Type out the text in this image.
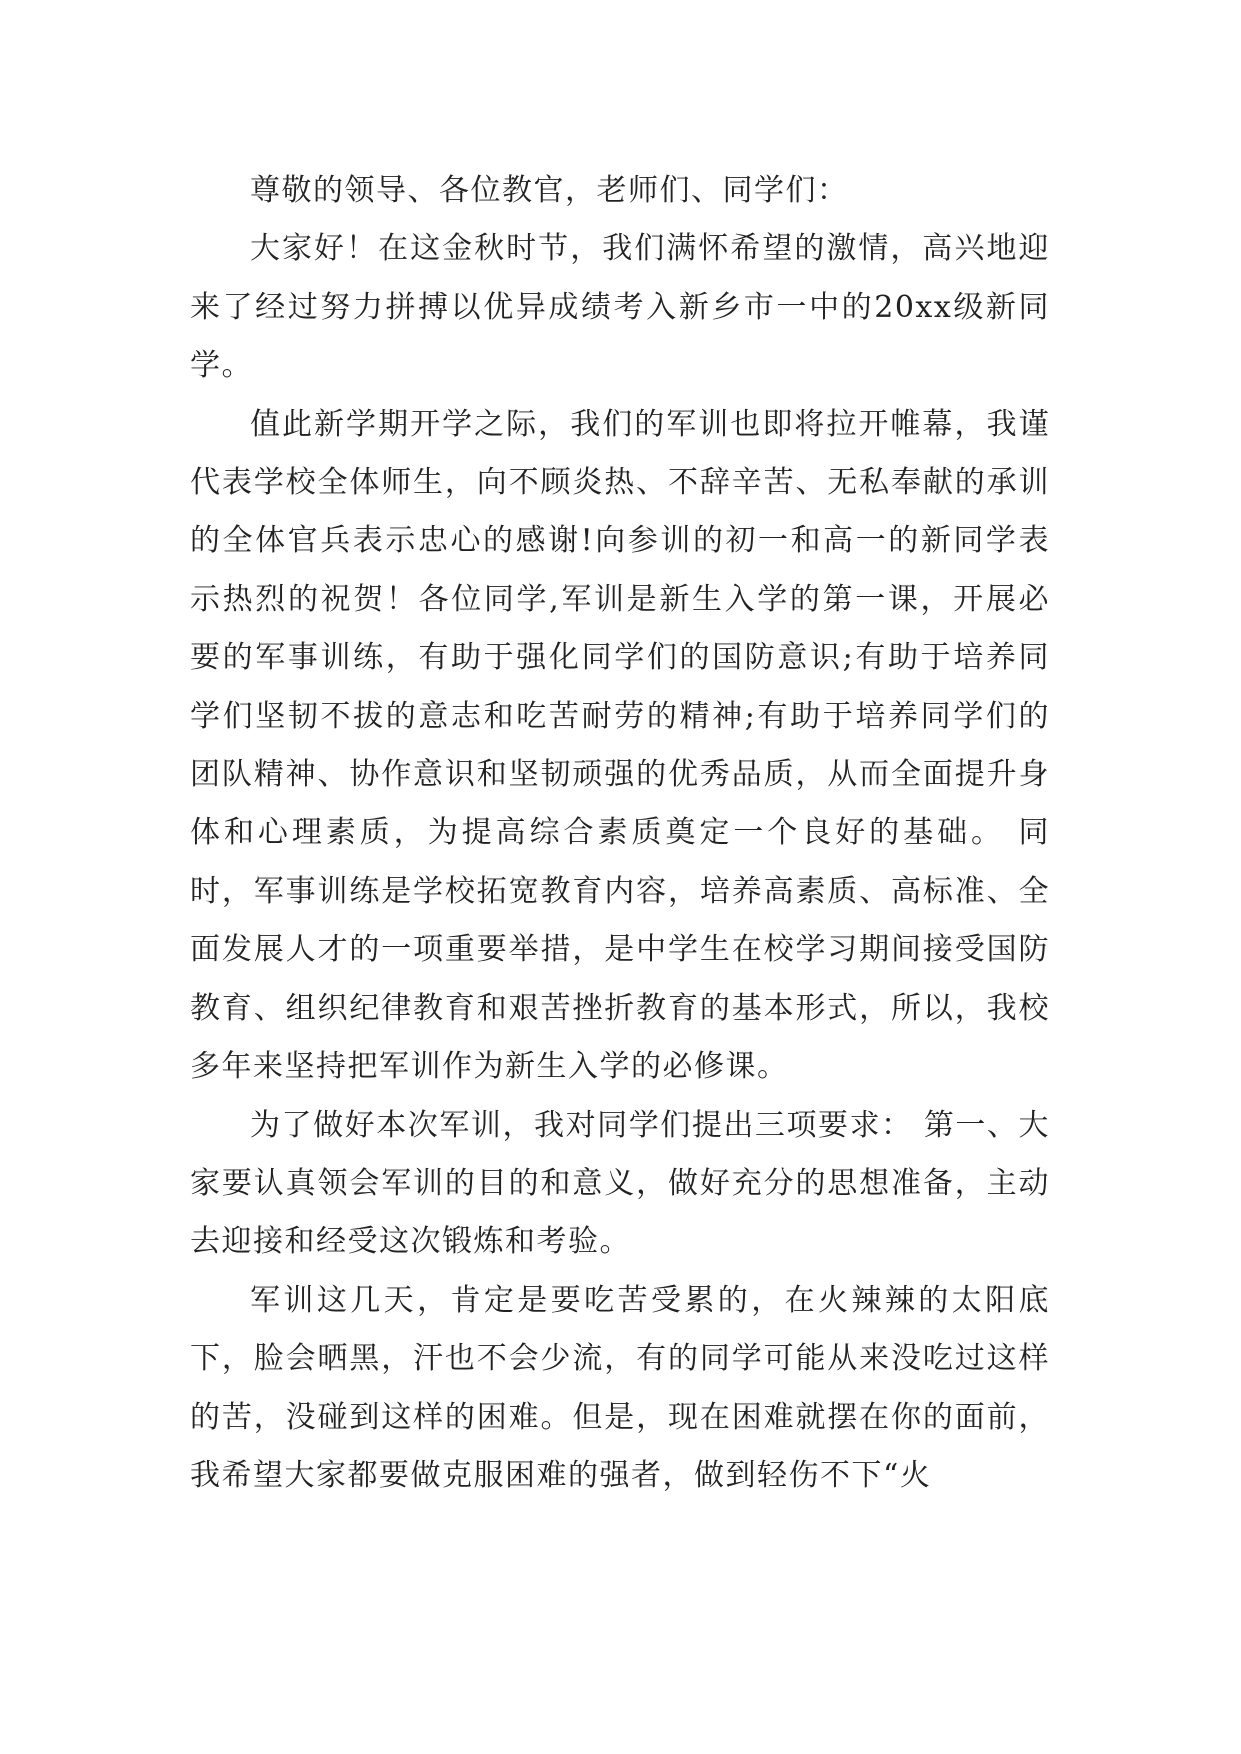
尊敬的领导、各位教官，老师们、同学们：

大家好！在这金秋时节，我们满怀希望的激情，高兴地迎来了经过努力拼搏以优异成绩考入新乡市一中的20xx级新同学。

值此新学期开学之际，我们的军训也即将拉开帷幕，我谨代表学校全体师生，向不顾炎热、不辞辛苦、无私奉献的承训的全体官兵表示忠心的感谢!向参训的初一和高一的新同学表示热烈的祝贺！各位同学,军训是新生入学的第一课，开展必要的军事训练，有助于强化同学们的国防意识;有助于培养同学们坚韧不拔的意志和吃苦耐劳的精神;有助于培养同学们的团队精神、协作意识和坚韧顽强的优秀品质，从而全面提升身体和心理素质，为提高综合素质奠定一个良好的基础。 同时，军事训练是学校拓宽教育内容，培养高素质、高标准、全面发展人才的一项重要举措，是中学生在校学习期间接受国防教育、组织纪律教育和艰苦挫折教育的基本形式，所以，我校多年来坚持把军训作为新生入学的必修课。

为了做好本次军训，我对同学们提出三项要求： 第一、大家要认真领会军训的目的和意义，做好充分的思想准备，主动去迎接和经受这次锻炼和考验。

军训这几天，肯定是要吃苦受累的，在火辣辣的太阳底下，脸会晒黑，汗也不会少流，有的同学可能从来没吃过这样的苦，没碰到这样的困难。但是，现在困难就摆在你的面前，我希望大家都要做克服困难的强者，做到轻伤不下“火
